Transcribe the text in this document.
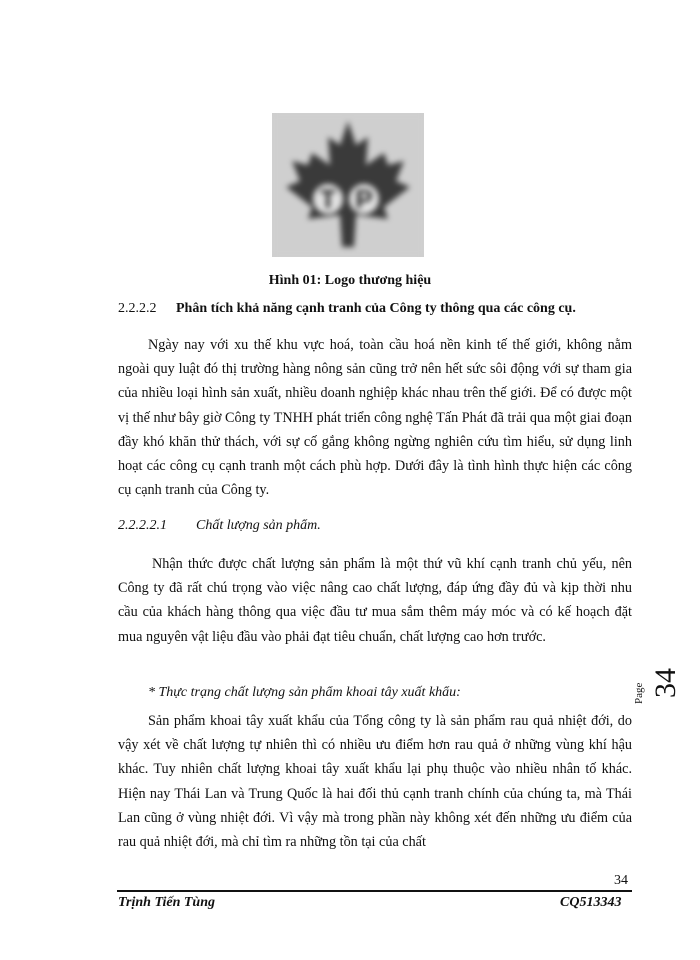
T P
Hình 01: Logo thương hiệu
2.2.2.2 Phân tích khả năng cạnh tranh của Công ty thông qua các công cụ.

Ngày nay với xu thế khu vực hoá, toàn cầu hoá nền kinh tế thế giới, không nằm ngoài quy luật đó thị trường hàng nông sản cũng trở nên hết sức sôi động với sự tham gia của nhiều loại hình sản xuất, nhiều doanh nghiệp khác nhau trên thế giới. Để có được một vị thế như bây giờ Công ty TNHH phát triển công nghệ Tấn Phát đã trải qua một giai đoạn đầy khó khăn thử thách, với sự cố gắng không ngừng nghiên cứu tìm hiểu, sử dụng linh hoạt các công cụ cạnh tranh một cách phù hợp. Dưới đây là tình hình thực hiện các công cụ cạnh tranh của Công ty.

2.2.2.2.1 Chất lượng sản phẩm.

Nhận thức được chất lượng sản phẩm là một thứ vũ khí cạnh tranh chủ yếu, nên Công ty đã rất chú trọng vào việc nâng cao chất lượng, đáp ứng đầy đủ và kịp thời nhu cầu của khách hàng thông qua việc đầu tư mua sắm thêm máy móc và có kế hoạch đặt mua nguyên vật liệu đầu vào phải đạt tiêu chuẩn, chất lượng cao hơn trước.

* Thực trạng chất lượng sản phẩm khoai tây xuất khẩu:

Sản phẩm khoai tây xuất khẩu của Tổng công ty là sản phẩm rau quả nhiệt đới, do vậy xét về chất lượng tự nhiên thì có nhiều ưu điểm hơn rau quả ở những vùng khí hậu khác. Tuy nhiên chất lượng khoai tây xuất khẩu lại phụ thuộc vào nhiều nhân tố khác. Hiện nay Thái Lan và Trung Quốc là hai đối thủ cạnh tranh chính của chúng ta, mà Thái Lan cũng ở vùng nhiệt đới. Vì vậy mà trong phần này không xét đến những ưu điểm của rau quả nhiệt đới, mà chỉ tìm ra những tồn tại của chất

Page 34
34
Trịnh Tiến Tùng	CQ513343
